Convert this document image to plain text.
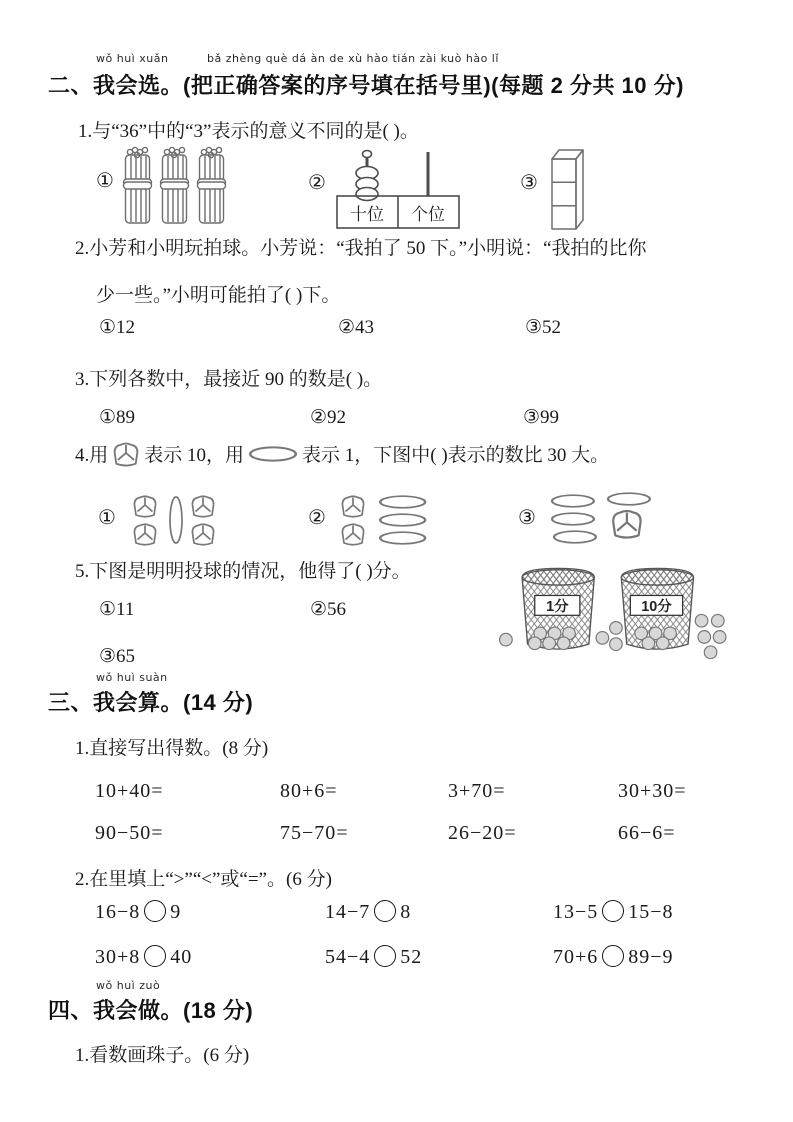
wǒ huì xuǎn	bǎ zhèng què dá àn de xù hào tián zài kuò hào lǐ
二、我会选。(把正确答案的序号填在括号里)(每题 2 分共 10 分)
1.与“36”中的“3”表示的意义不同的是( )。
①	②
十位 个位
③
2.小芳和小明玩拍球。小芳说：“我拍了 50 下。”小明说：“我拍的比你
少一些。”小明可能拍了( )下。
①12	②43	③52
3.下列各数中，最接近 90 的数是( )。
①89	②92	③99
4.用 表示 10，用	表示 1，下图中( )表示的数比 30 大。
①	②	③
5.下图是明明投球的情况，他得了( )分。
①11	②56
③65
1分	10分
wǒ huì suàn
三、我会算。(14 分)
1.直接写出得数。(8 分)
10+40=	80+6=	3+70=	30+30=
90−50=	75−70=	26−20=	66−6=
2.在里填上“>”“<”或“=”。(6 分)
16−8 9	14−7 8	13−5 15−8
30+8 40	54−4 52	70+6 89−9
wǒ huì zuò
四、我会做。(18 分)
1.看数画珠子。(6 分)
